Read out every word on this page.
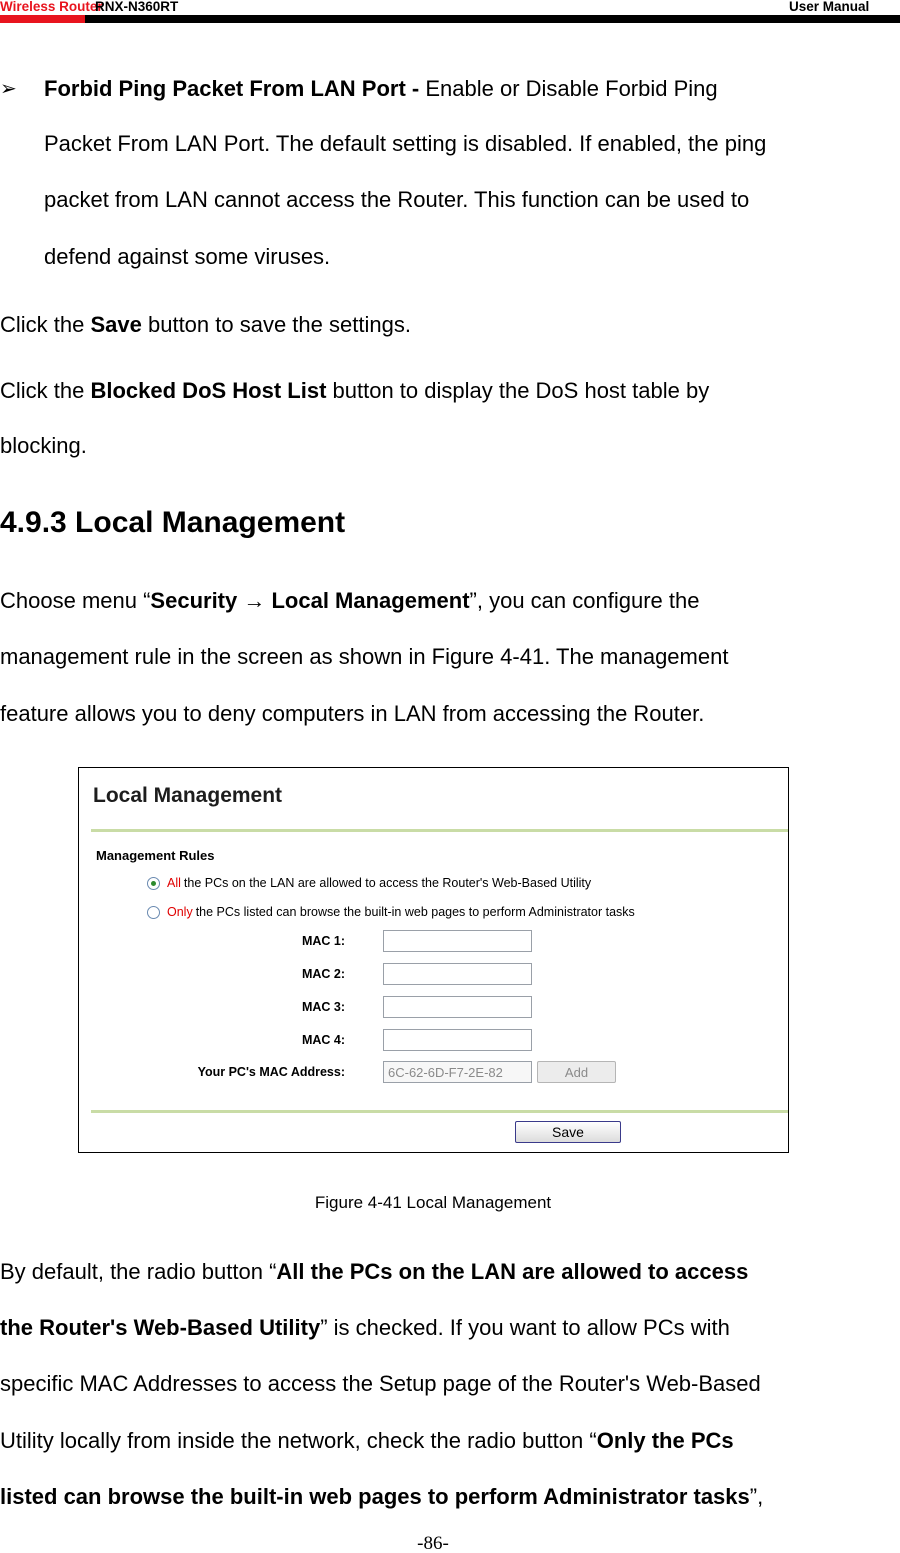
Wireless Router
RNX-N360RT	User Manual
➢ Forbid Ping Packet From LAN Port - Enable or Disable Forbid Ping
Packet From LAN Port. The default setting is disabled. If enabled, the ping
packet from LAN cannot access the Router. This function can be used to
defend against some viruses.
Click the Save button to save the settings.
Click the Blocked DoS Host List button to display the DoS host table by
blocking.
4.9.3 Local Management
Choose menu “Security → Local Management”, you can configure the
management rule in the screen as shown in Figure 4-41. The management
feature allows you to deny computers in LAN from accessing the Router.
Local Management
Management Rules
All the PCs on the LAN are allowed to access the Router's Web-Based Utility
Only the PCs listed can browse the built-in web pages to perform Administrator tasks
MAC 1:
MAC 2:
MAC 3:
MAC 4:
Your PC's MAC Address:
6C-62-6D-F7-2E-82	Add
Save
Figure 4-41 Local Management
By default, the radio button “All the PCs on the LAN are allowed to access
the Router's Web-Based Utility” is checked. If you want to allow PCs with
specific MAC Addresses to access the Setup page of the Router's Web-Based
Utility locally from inside the network, check the radio button “Only the PCs
listed can browse the built-in web pages to perform Administrator tasks”,
-86-
